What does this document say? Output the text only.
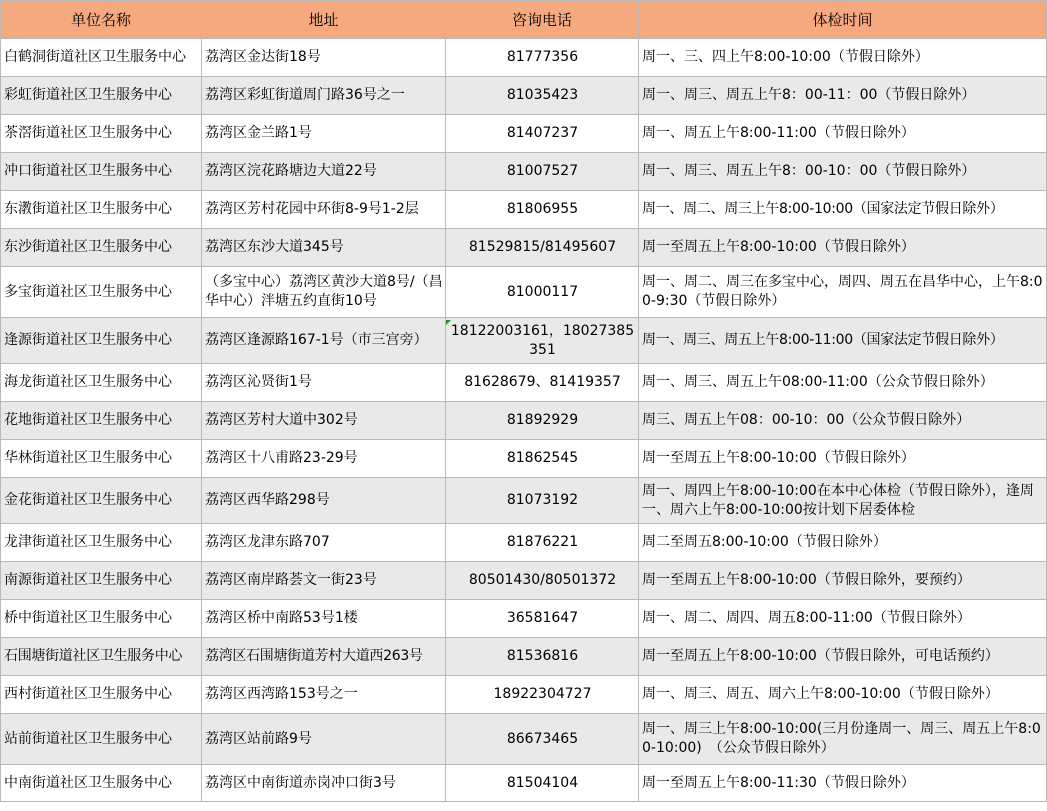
单位名称	地址	咨询电话	体检时间
白鹤洞街道社区卫生服务中心	荔湾区金达街18号	81777356	周一、三、四上午8:00-10:00（节假日除外）
彩虹街道社区卫生服务中心	荔湾区彩虹街道周门路36号之一	81035423	周一、周三、周五上午8：00-11：00（节假日除外）
茶滘街道社区卫生服务中心	荔湾区金兰路1号	81407237	周一、周五上午8:00-11:00（节假日除外）
冲口街道社区卫生服务中心	荔湾区浣花路塘边大道22号	81007527	周一、周三、周五上午8：00-10：00（节假日除外）
东漖街道社区卫生服务中心	荔湾区芳村花园中环街8-9号1-2层	81806955	周一、周二、周三上午8:00-10:00（国家法定节假日除外）
东沙街道社区卫生服务中心	荔湾区东沙大道345号	81529815/81495607	周一至周五上午8:00-10:00（节假日除外）
多宝街道社区卫生服务中心	（多宝中心）荔湾区黄沙大道8号/（昌华中心）泮塘五约直街10号	81000117	周一、周二、周三在多宝中心，周四、周五在昌华中心，上午8:00-9:30（节假日除外）
逢源街道社区卫生服务中心	荔湾区逢源路167-1号（市三宫旁）	18122003161，18027385351	周一、周三、周五上午8:00-11:00（国家法定节假日除外）
海龙街道社区卫生服务中心	荔湾区沁贤街1号	81628679、81419357	周一、周三、周五上午08:00-11:00（公众节假日除外）
花地街道社区卫生服务中心	荔湾区芳村大道中302号	81892929	周三、周五上午08：00-10：00（公众节假日除外）
华林街道社区卫生服务中心	荔湾区十八甫路23-29号	81862545	周一至周五上午8:00-10:00（节假日除外）
金花街道社区卫生服务中心	荔湾区西华路298号	81073192	周一、周四上午8:00-10:00在本中心体检（节假日除外），逢周一、周六上午8:00-10:00按计划下居委体检
龙津街道社区卫生服务中心	荔湾区龙津东路707	81876221	周二至周五8:00-10:00（节假日除外）
南源街道社区卫生服务中心	荔湾区南岸路荟文一街23号	80501430/80501372	周一至周五上午8:00-10:00（节假日除外，要预约）
桥中街道社区卫生服务中心	荔湾区桥中南路53号1楼	36581647	周一、周二、周四、周五8:00-11:00（节假日除外）
石围塘街道社区卫生服务中心	荔湾区石围塘街道芳村大道西263号	81536816	周一至周五上午8:00-10:00（节假日除外，可电话预约）
西村街道社区卫生服务中心	荔湾区西湾路153号之一	18922304727	周一、周三、周五、周六上午8:00-10:00（节假日除外）
站前街道社区卫生服务中心	荔湾区站前路9号	86673465	周一、周三上午8:00-10:00(三月份逢周一、周三、周五上午8:00-10:00)　（公众节假日除外）
中南街道社区卫生服务中心	荔湾区中南街道赤岗冲口街3号	81504104	周一至周五上午8:00-11:30（节假日除外）
